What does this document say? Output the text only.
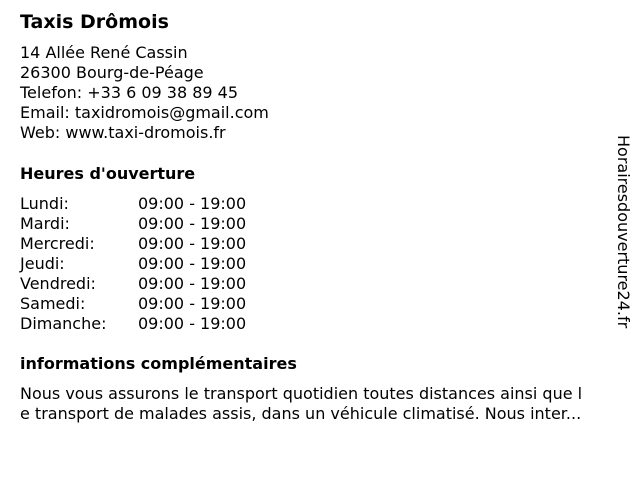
Taxis Drômois
14 Allée René Cassin
26300 Bourg-de-Péage
Telefon: +33 6 09 38 89 45
Email: taxidromois@gmail.com
Web: www.taxi-dromois.fr
Heures d'ouverture
Lundi:	09:00 - 19:00
Mardi:	09:00 - 19:00
Mercredi:	09:00 - 19:00
Jeudi:	09:00 - 19:00
Vendredi:	09:00 - 19:00
Samedi:	09:00 - 19:00
Dimanche: 09:00 - 19:00
informations complémentaires
Nous vous assurons le transport quotidien toutes distances ainsi que l
e transport de malades assis, dans un véhicule climatisé. Nous inter...
Horairesdouverture24.fr
